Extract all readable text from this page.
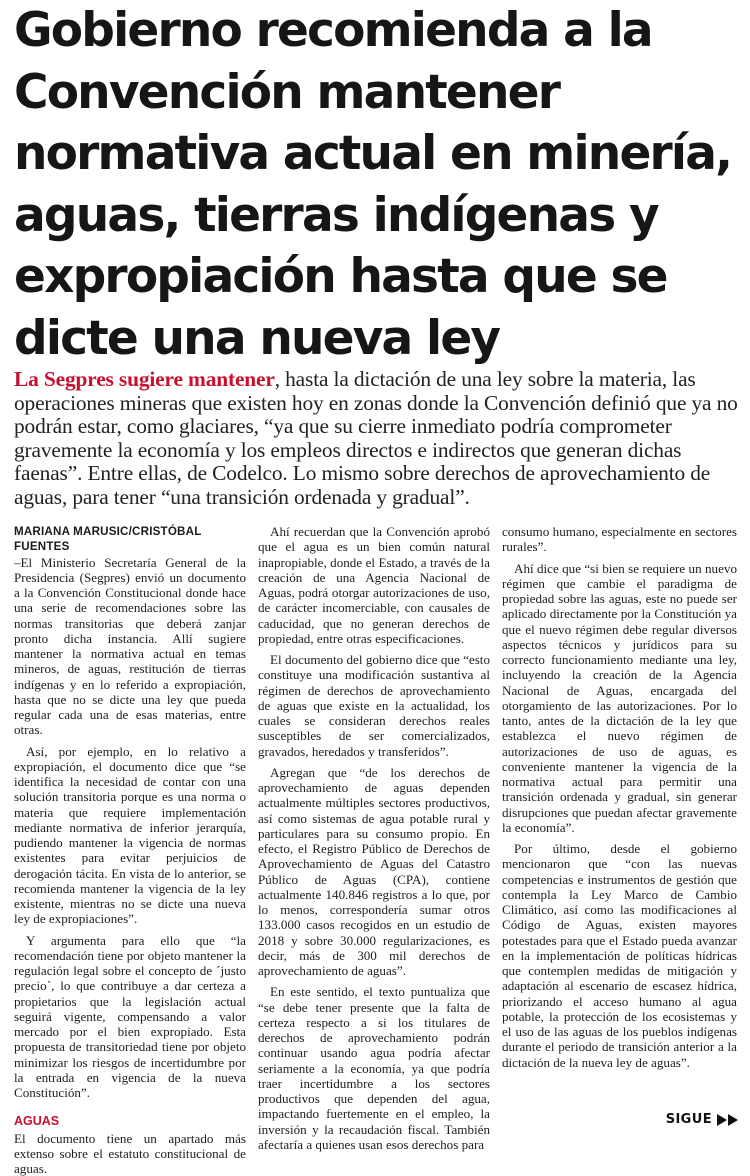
Gobierno recomienda a la Convención mantener normativa actual en minería, aguas, tierras indígenas y expropiación hasta que se dicte una nueva ley

La Segpres sugiere mantener, hasta la dictación de una ley sobre la materia, las operaciones mineras que existen hoy en zonas donde la Convención definió que ya no podrán estar, como glaciares, “ya que su cierre inmediato podría comprometer gravemente la economía y los empleos directos e indirectos que generan dichas faenas”. Entre ellas, de Codelco. Lo mismo sobre derechos de aprovechamiento de aguas, para tener “una transición ordenada y gradual”.

MARIANA MARUSIC/CRISTÓBAL FUENTES

–El Ministerio Secretaría General de la Presidencia (Segpres) envió un documento a la Convención Constitucional donde hace una serie de recomendaciones sobre las normas transitorias que deberá zanjar pronto dicha instancia. Allí sugiere mantener la normativa actual en temas mineros, de aguas, restitución de tierras indígenas y en lo referido a expropiación, hasta que no se dicte una ley que pueda regular cada una de esas materias, entre otras.

Así, por ejemplo, en lo relativo a expropiación, el documento dice que “se identifica la necesidad de contar con una solución transitoria porque es una norma o materia que requiere implementación mediante normativa de inferior jerarquía, pudiendo mantener la vigencia de normas existentes para evitar perjuicios de derogación tácita. En vista de lo anterior, se recomienda mantener la vigencia de la ley existente, mientras no se dicte una nueva ley de expropiaciones”.

Y argumenta para ello que “la recomendación tiene por objeto mantener la regulación legal sobre el concepto de ´justo precio´, lo que contribuye a dar certeza a propietarios que la legislación actual seguirá vigente, compensando a valor mercado por el bien expropiado. Esta propuesta de transitoriedad tiene por objeto minimizar los riesgos de incertidumbre por la entrada en vigencia de la nueva Constitución”.

AGUAS

El documento tiene un apartado más extenso sobre el estatuto constitucional de aguas.

Ahí recuerdan que la Convención aprobó que el agua es un bien común natural inapropiable, donde el Estado, a través de la creación de una Agencia Nacional de Aguas, podrá otorgar autorizaciones de uso, de carácter incomerciable, con causales de caducidad, que no generan derechos de propiedad, entre otras especificaciones.

El documento del gobierno dice que “esto constituye una modificación sustantiva al régimen de derechos de aprovechamiento de aguas que existe en la actualidad, los cuales se consideran derechos reales susceptibles de ser comercializados, gravados, heredados y transferidos”.

Agregan que “de los derechos de aprovechamiento de aguas dependen actualmente múltiples sectores productivos, así como sistemas de agua potable rural y particulares para su consumo propio. En efecto, el Registro Público de Derechos de Aprovechamiento de Aguas del Catastro Público de Aguas (CPA), contiene actualmente 140.846 registros a lo que, por lo menos, correspondería sumar otros 133.000 casos recogidos en un estudio de 2018 y sobre 30.000 regularizaciones, es decir, más de 300 mil derechos de aprovechamiento de aguas”.

En este sentido, el texto puntualiza que “se debe tener presente que la falta de certeza respecto a si los titulares de derechos de aprovechamiento podrán continuar usando agua podría afectar seriamente a la economía, ya que podría traer incertidumbre a los sectores productivos que dependen del agua, impactando fuertemente en el empleo, la inversión y la recaudación fiscal. También afectaría a quienes usan esos derechos para

consumo humano, especialmente en sectores rurales”.

Ahí dice que “si bien se requiere un nuevo régimen que cambie el paradigma de propiedad sobre las aguas, este no puede ser aplicado directamente por la Constitución ya que el nuevo régimen debe regular diversos aspectos técnicos y jurídicos para su correcto funcionamiento mediante una ley, incluyendo la creación de la Agencia Nacional de Aguas, encargada del otorgamiento de las autorizaciones. Por lo tanto, antes de la dictación de la ley que establezca el nuevo régimen de autorizaciones de uso de aguas, es conveniente mantener la vigencia de la normativa actual para permitir una transición ordenada y gradual, sin generar disrupciones que puedan afectar gravemente la economía”.

Por último, desde el gobierno mencionaron que “con las nuevas competencias e instrumentos de gestión que contempla la Ley Marco de Cambio Climático, así como las modificaciones al Código de Aguas, existen mayores potestades para que el Estado pueda avanzar en la implementación de políticas hídricas que contemplen medidas de mitigación y adaptación al escenario de escasez hídrica, priorizando el acceso humano al agua potable, la protección de los ecosistemas y el uso de las aguas de los pueblos indígenas durante el periodo de transición anterior a la dictación de la nueva ley de aguas”.

SIGUE
